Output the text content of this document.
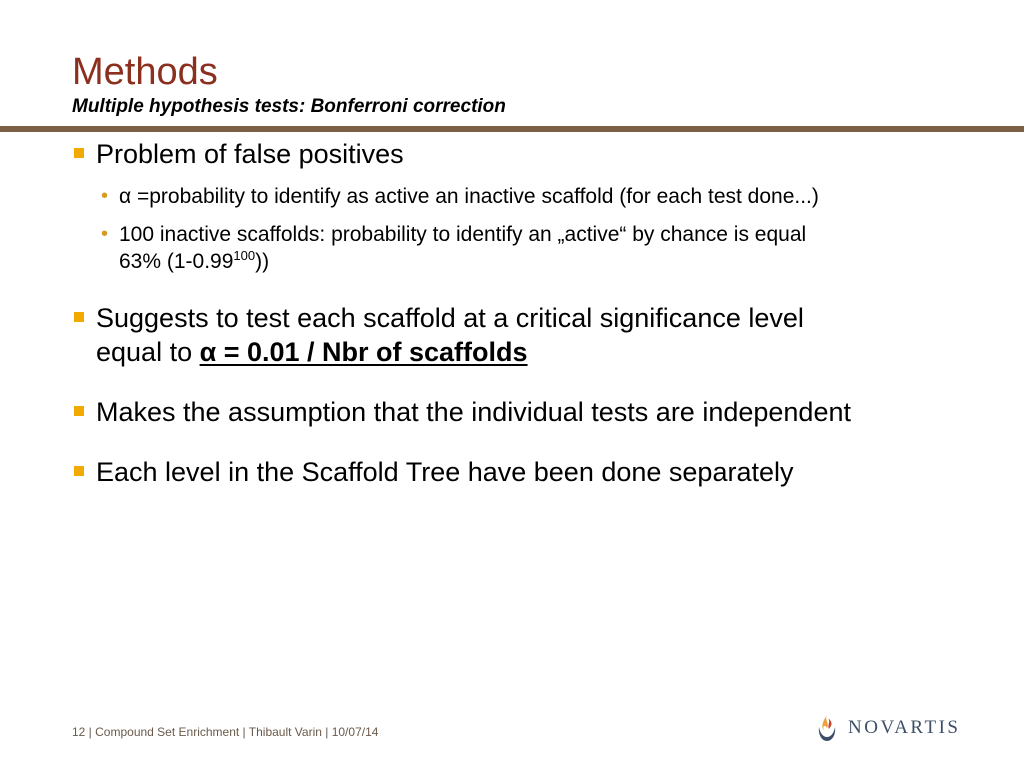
Methods
Multiple hypothesis tests: Bonferroni correction
Problem of false positives
• α =probability to identify as active an inactive scaffold (for each test done...)
• 100 inactive scaffolds: probability to identify an „active“ by chance is equal
63% (1-0.99$^{100}$))
Suggests to test each scaffold at a critical significance level
equal to α = 0.01 / Nbr of scaffolds
Makes the assumption that the individual tests are independent
Each level in the Scaffold Tree have been done separately
12 | Compound Set Enrichment | Thibault Varin | 10/07/14	NOVARTIS
